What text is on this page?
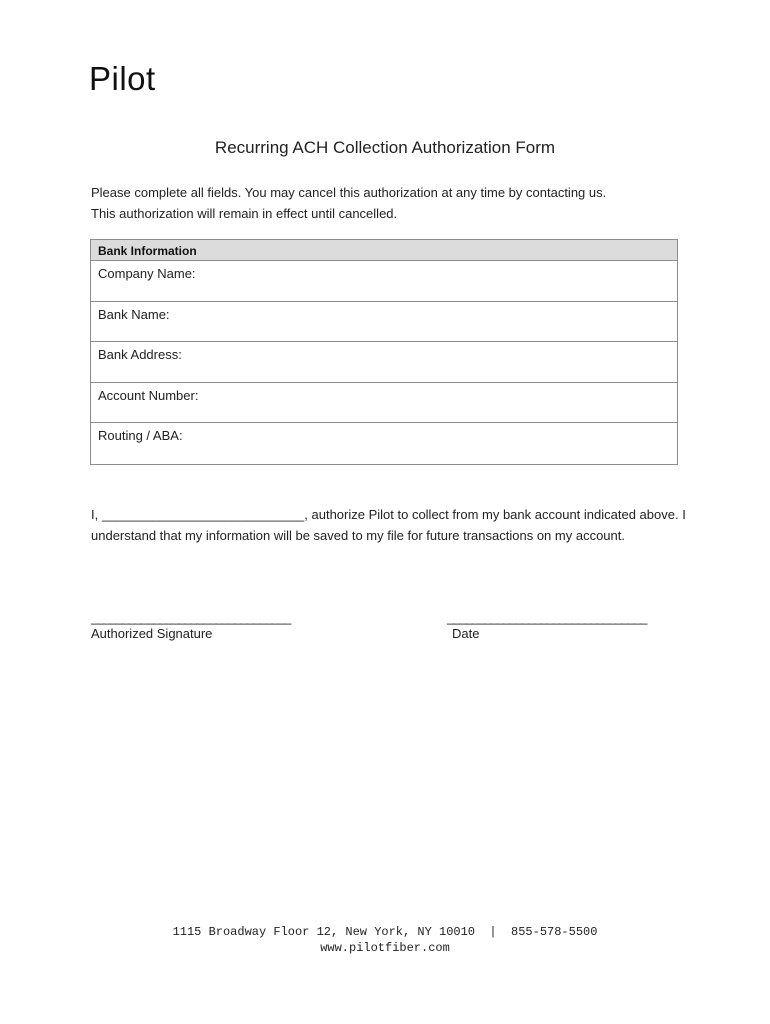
Pilot
Recurring ACH Collection Authorization Form

Please complete all fields. You may cancel this authorization at any time by contacting us.

This authorization will remain in effect until cancelled.

Bank Information
Company Name:
Bank Name:
Bank Address:
Account Number:
Routing / ABA:
I, ____________________________, authorize Pilot to collect from my bank account indicated above. I understand that my information will be saved to my file for future transactions on my account.
________________________________
Authorized Signature
________________________________
Date
1115 Broadway Floor 12, New York, NY 10010  |  855-578-5500
www.pilotfiber.com
